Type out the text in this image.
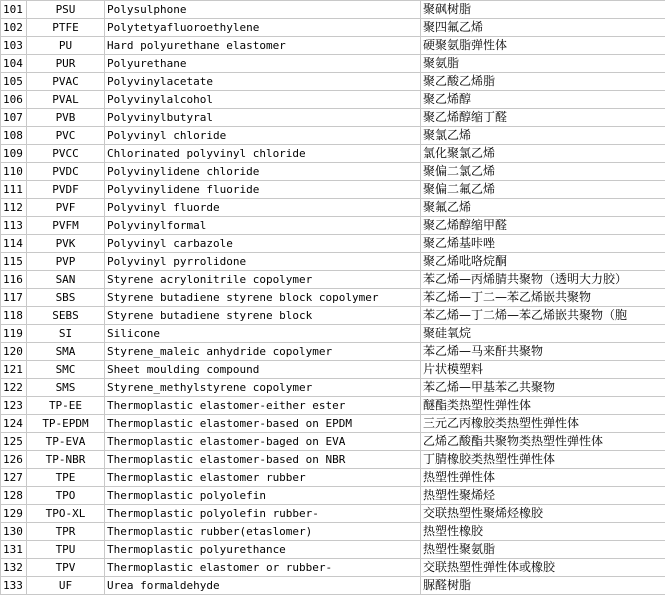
101	PSU	Polysulphone	聚砜树脂
102	PTFE	Polytetyafluoroethylene	聚四氟乙烯
103	PU	Hard polyurethane elastomer	硬聚氨脂弹性体
104	PUR	Polyurethane	聚氨脂
105	PVAC	Polyvinylacetate	聚乙酸乙烯脂
106	PVAL	Polyvinylalcohol	聚乙烯醇
107	PVB	Polyvinylbutyral	聚乙烯醇缩丁醛
108	PVC	Polyvinyl chloride	聚氯乙烯
109	PVCC	Chlorinated polyvinyl chloride	氯化聚氯乙烯
110	PVDC	Polyvinylidene chloride	聚偏二氯乙烯
111	PVDF	Polyvinylidene fluoride	聚偏二氟乙烯
112	PVF	Polyvinyl fluorde	聚氟乙烯
113	PVFM	Polyvinylformal	聚乙烯醇缩甲醛
114	PVK	Polyvinyl carbazole	聚乙烯基咔唑
115	PVP	Polyvinyl pyrrolidone	聚乙烯吡咯烷酮
116	SAN	Styrene acrylonitrile copolymer	苯乙烯—丙烯腈共聚物（透明大力胶）
117	SBS	Styrene butadiene styrene block copolymer	苯乙烯—丁二—苯乙烯嵌共聚物
118	SEBS	Styrene butadiene styrene block	苯乙烯—丁二烯—苯乙烯嵌共聚物（胞
119	SI	Silicone	聚硅氧烷
120	SMA	Styrene_maleic anhydride copolymer	苯乙烯—马来酐共聚物
121	SMC	Sheet moulding compound	片状模塑料
122	SMS	Styrene_methylstyrene copolymer	苯乙烯—甲基苯乙共聚物
123	TP-EE	Thermoplastic elastomer-either ester	醚酯类热塑性弹性体
124	TP-EPDM	Thermoplastic elastomer-based on EPDM	三元乙丙橡胶类热塑性弹性体
125	TP-EVA	Thermoplastic elastomer-baged on EVA	乙烯乙酸酯共聚物类热塑性弹性体
126	TP-NBR	Thermoplastic elastomer-based on NBR	丁腈橡胶类热塑性弹性体
127	TPE	Thermoplastic elastomer rubber	热塑性弹性体
128	TPO	Thermoplastic polyolefin	热塑性聚烯烃
129	TPO-XL	Thermoplastic polyolefin rubber-	交联热塑性聚烯烃橡胶
130	TPR	Thermoplastic rubber(etaslomer)	热塑性橡胶
131	TPU	Thermoplastic polyurethance	热塑性聚氨脂
132	TPV	Thermoplastic elastomer or rubber-	交联热塑性弹性体或橡胶
133	UF	Urea formaldehyde	脲醛树脂
